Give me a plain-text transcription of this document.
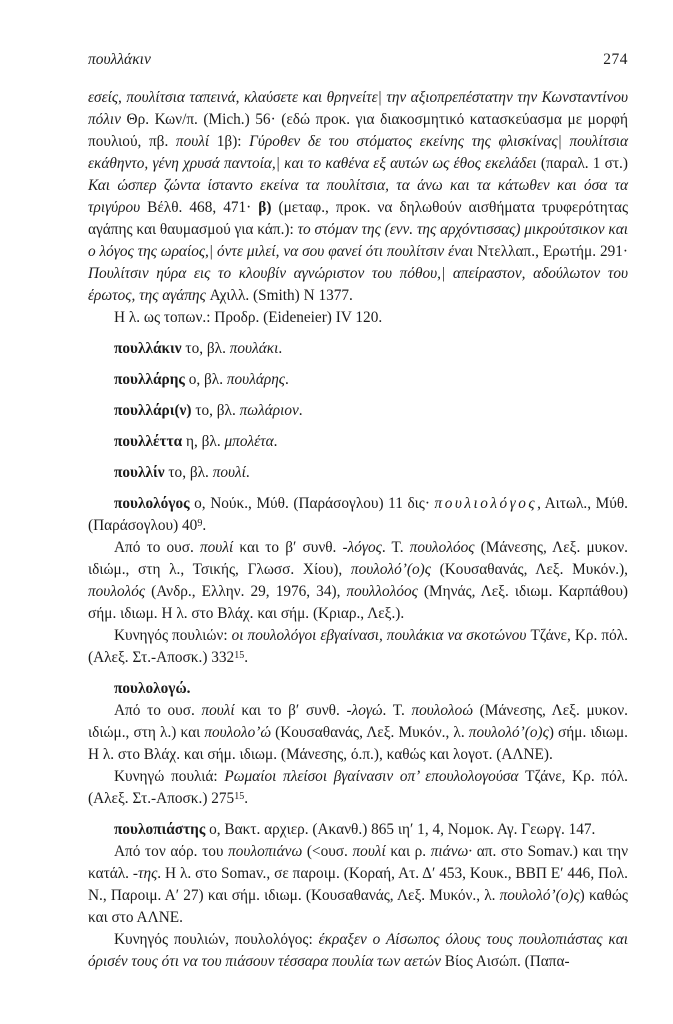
πουλλάκιν	274

εσείς, πουλίτσια ταπεινά, κλαύσετε και θρηνείτε| την αξιοπρεπέστατην την Κωνσταντίνου πόλιν Θρ. Κων/π. (Mich.) 56· (εδώ προκ. για διακοσμητικό κατασκεύασμα με μορφή πουλιού, πβ. πουλί 1β): Γύροθεν δε του στόματος εκείνης της φλισκίνας| πουλίτσια εκάθηντο, γένη χρυσά παντοία,| και το καθένα εξ αυτών ως έθος εκελάδει (παραλ. 1 στ.) Και ώσπερ ζώντα ίσταντο εκείνα τα πουλίτσια, τα άνω και τα κάτωθεν και όσα τα τριγύρου Βέλθ. 468, 471· β) (μεταφ., προκ. να δηλωθούν αισθήματα τρυφερότητας αγάπης και θαυμασμού για κάπ.): το στόμαν της (ενν. της αρχόντισσας) μικρούτσικον και ο λόγος της ωραίος,| όντε μιλεί, να σου φανεί ότι πουλίτσιν έναι Ντελλαπ., Ερωτήμ. 291· Πουλίτσιν ηύρα εις το κλουβίν αγνώριστον του πόθου,| απείραστον, αδούλωτον του έρωτος, της αγάπης Αχιλλ. (Smith) N 1377.

Η λ. ως τοπων.: Προδρ. (Eideneier) IV 120.

πουλλάκιν το, βλ. πουλάκι.

πουλλάρης ο, βλ. πουλάρης.

πουλλάρι(ν) το, βλ. πωλάριον.

πουλλέττα η, βλ. μπολέτα.

πουλλίν το, βλ. πουλί.

πουλολόγος ο, Νούκ., Μύθ. (Παράσογλου) 11 δις· πουλιολόγος, Αιτωλ., Μύθ. (Παράσογλου) $40^9$.

Από το ουσ. πουλί και το β′ συνθ. -λόγος. Τ. πουλολόος (Μάνεσης, Λεξ. μυκον. ιδιώμ., στη λ., Τσικής, Γλωσσ. Χίου), πουλολό’(ο)ς (Κουσαθανάς, Λεξ. Μυκόν.), πουλολός (Ανδρ., Ελλην. 29, 1976, 34), πουλλολόος (Μηνάς, Λεξ. ιδιωμ. Καρπάθου) σήμ. ιδιωμ. Η λ. στο Βλάχ. και σήμ. (Κριαρ., Λεξ.).

Κυνηγός πουλιών: οι πουλολόγοι εβγαίνασι, πουλάκια να σκοτώνου Τζάνε, Κρ. πόλ. (Αλεξ. Στ.-Αποσκ.) $332^{15}$.

πουλολογώ.

Από το ουσ. πουλί και το β′ συνθ. -λογώ. Τ. πουλολοώ (Μάνεσης, Λεξ. μυκον. ιδιώμ., στη λ.) και πουλολο’ώ (Κουσαθανάς, Λεξ. Μυκόν., λ. πουλολό’(ο)ς) σήμ. ιδιωμ. Η λ. στο Βλάχ. και σήμ. ιδιωμ. (Μάνεσης, ό.π.), καθώς και λογοτ. (ΑΛΝΕ).

Κυνηγώ πουλιά: Ρωμαίοι πλείσοι βγαίνασιν οπ’ επουλολογούσα Τζάνε, Κρ. πόλ. (Αλεξ. Στ.-Αποσκ.) $275^{15}$.

πουλοπιάστης ο, Βακτ. αρχιερ. (Ακανθ.) 865 ιη′ 1, 4, Νομοκ. Αγ. Γεωργ. 147.

Από τον αόρ. του πουλοπιάνω (<ουσ. πουλί και ρ. πιάνω· απ. στο Somav.) και την κατάλ. -της. Η λ. στο Somav., σε παροιμ. (Κοραή, Ατ. Δ′ 453, Κουκ., ΒΒΠ Ε′ 446, Πολ. Ν., Παροιμ. Α′ 27) και σήμ. ιδιωμ. (Κουσαθανάς, Λεξ. Μυκόν., λ. πουλολό’(ο)ς) καθώς και στο ΑΛΝΕ.

Κυνηγός πουλιών, πουλολόγος: έκραξεν ο Αίσωπος όλους τους πουλοπιάστας και όρισέν τους ότι να του πιάσουν τέσσαρα πουλία των αετών Βίος Αισώπ. (Παπα-
